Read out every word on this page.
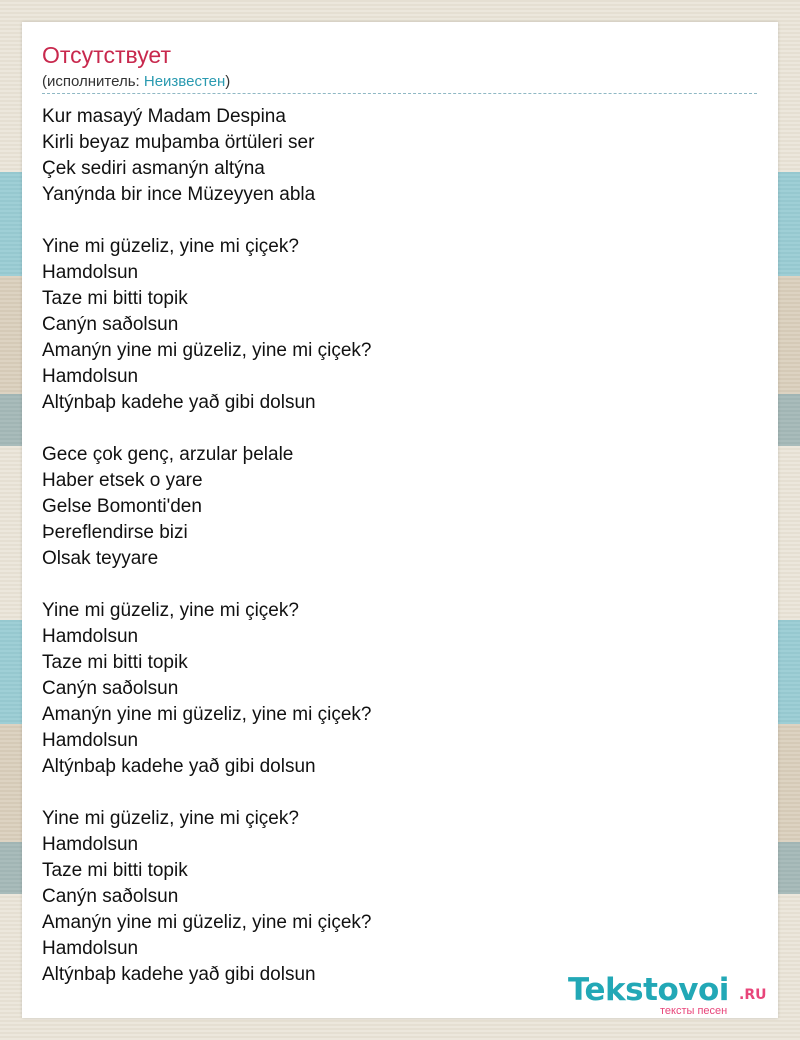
Отсутствует
(исполнитель: Неизвестен)
Kur masayý Madam Despina
Kirli beyaz muþamba örtüleri ser
Çek sediri asmanýn altýna
Yanýnda bir ince Müzeyyen abla
Yine mi güzeliz, yine mi çiçek?
Hamdolsun
Taze mi bitti topik
Canýn saðolsun
Amanýn yine mi güzeliz, yine mi çiçek?
Hamdolsun
Altýnbaþ kadehe yað gibi dolsun
Gece çok genç, arzular þelale
Haber etsek o yare
Gelse Bomonti'den
Þereflendirse bizi
Olsak teyyare
Yine mi güzeliz, yine mi çiçek?
Hamdolsun
Taze mi bitti topik
Canýn saðolsun
Amanýn yine mi güzeliz, yine mi çiçek?
Hamdolsun
Altýnbaþ kadehe yað gibi dolsun
Yine mi güzeliz, yine mi çiçek?
Hamdolsun
Taze mi bitti topik
Canýn saðolsun
Amanýn yine mi güzeliz, yine mi çiçek?
Hamdolsun
Altýnbaþ kadehe yað gibi dolsun	Tekstovoi .RU
тексты песен
